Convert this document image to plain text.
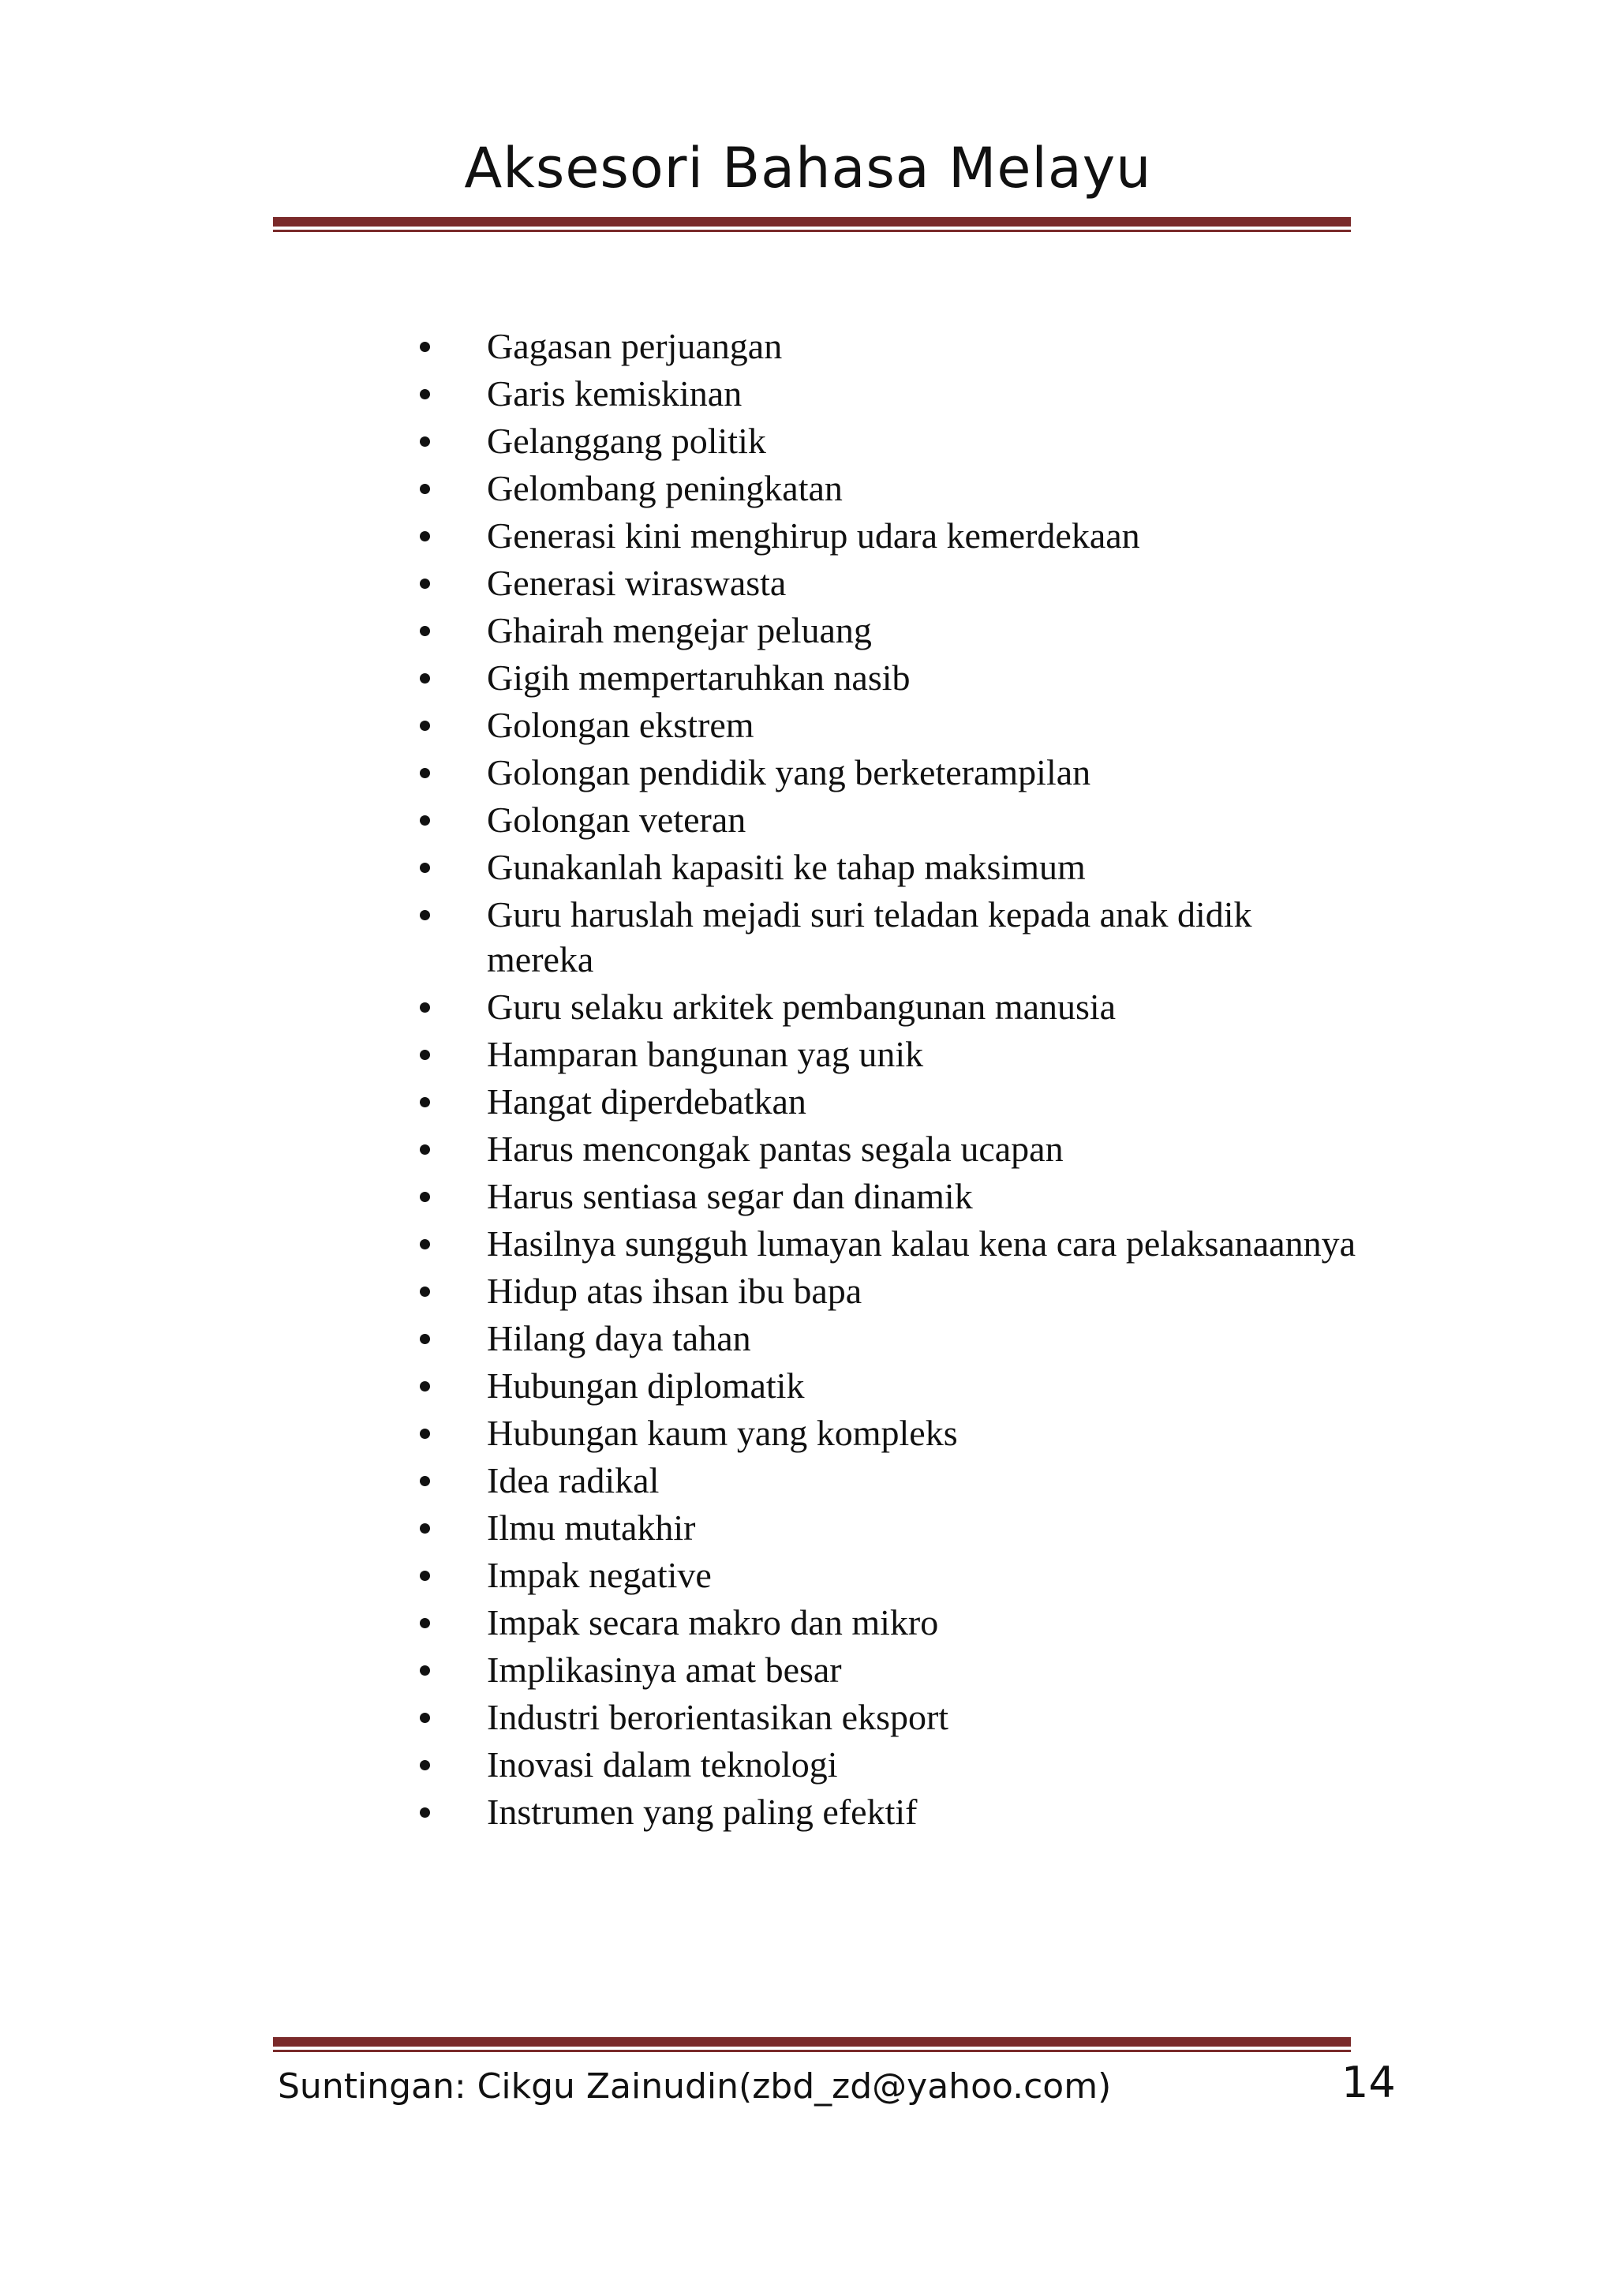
Aksesori Bahasa Melayu
Gagasan perjuangan
Garis kemiskinan
Gelanggang politik
Gelombang peningkatan
Generasi kini menghirup udara kemerdekaan
Generasi wiraswasta
Ghairah mengejar peluang
Gigih mempertaruhkan nasib
Golongan ekstrem
Golongan pendidik yang berketerampilan
Golongan veteran
Gunakanlah kapasiti ke tahap maksimum
Guru haruslah mejadi suri teladan kepada anak didik mereka
Guru selaku arkitek pembangunan manusia
Hamparan bangunan yag unik
Hangat diperdebatkan
Harus mencongak pantas segala ucapan
Harus sentiasa segar dan dinamik
Hasilnya sungguh lumayan kalau kena cara pelaksanaannya
Hidup atas ihsan ibu bapa
Hilang daya tahan
Hubungan diplomatik
Hubungan kaum yang kompleks
Idea radikal
Ilmu mutakhir
Impak negative
Impak secara makro dan mikro
Implikasinya amat besar
Industri berorientasikan eksport
Inovasi dalam teknologi
Instrumen yang paling efektif
Suntingan: Cikgu Zainudin(zbd_zd@yahoo.com)	14
